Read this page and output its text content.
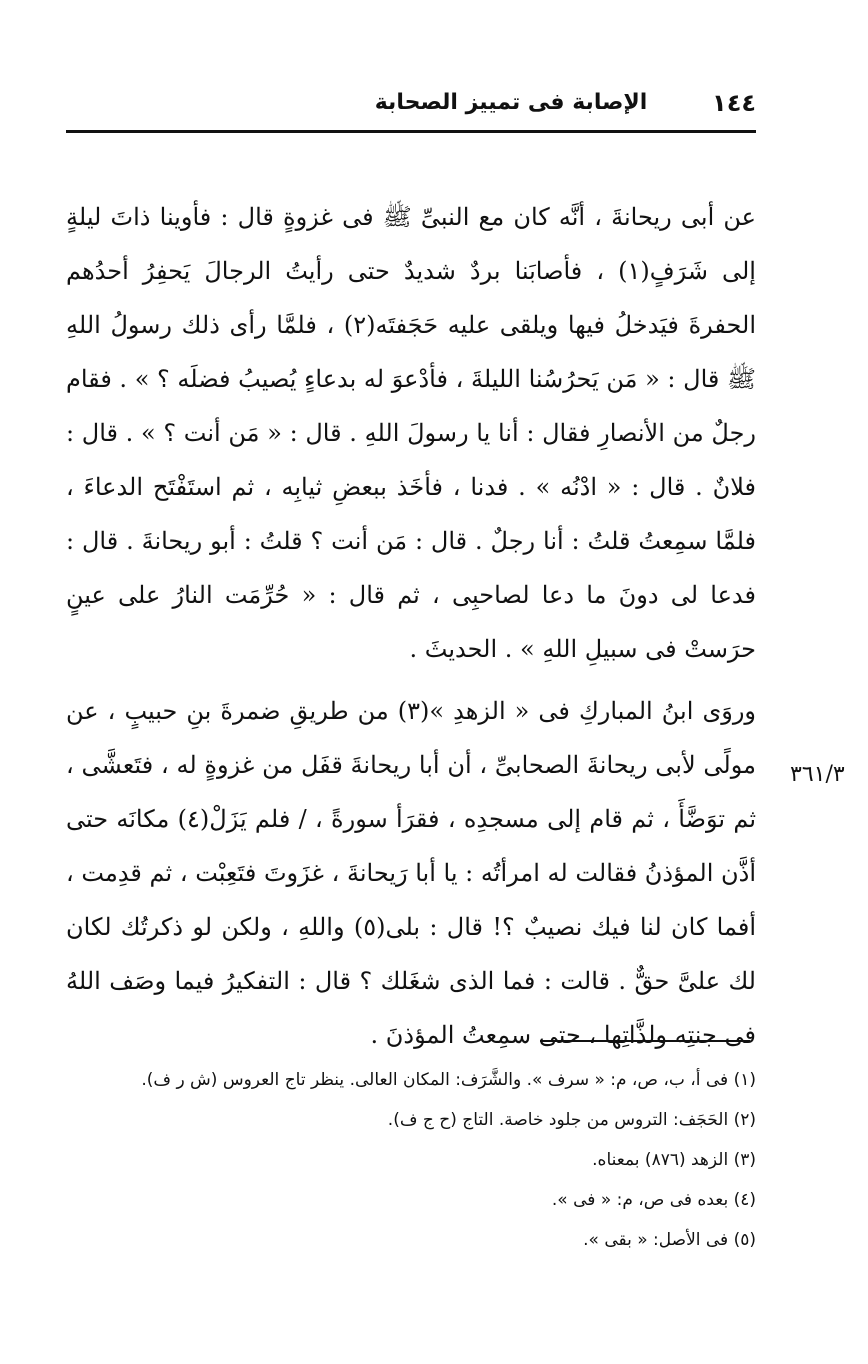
الإصابة فى تمييز الصحابة	١٤٤

عن أبى ريحانةَ ، أنَّه كان مع النبىِّ ﷺ فى غزوةٍ قال : فأوينا ذاتَ ليلةٍ إلى شَرَفٍ(١) ، فأصابَنا بردٌ شديدٌ حتى رأيتُ الرجالَ يَحفِرُ أحدُهم الحفرةَ فيَدخلُ فيها ويلقى عليه حَجَفتَه(٢) ، فلمَّا رأى ذلك رسولُ اللهِ ﷺ قال : « مَن يَحرُسُنا الليلةَ ، فأدْعوَ له بدعاءٍ يُصيبُ فضلَه ؟ » . فقام رجلٌ من الأنصارِ فقال : أنا يا رسولَ اللهِ . قال : « مَن أنت ؟ » . قال : فلانٌ . قال : « ادْنُه » . فدنا ، فأخَذ ببعضِ ثيابِه ، ثم استَفْتَح الدعاءَ ، فلمَّا سمِعتُ قلتُ : أنا رجلٌ . قال : مَن أنت ؟ قلتُ : أبو ريحانةَ . قال : فدعا لى دونَ ما دعا لصاحبِى ، ثم قال : « حُرِّمَت النارُ على عينٍ حرَستْ فى سبيلِ اللهِ » . الحديثَ .

وروَى ابنُ المباركِ فى « الزهدِ »(٣) من طريقِ ضمرةَ بنِ حبيبٍ ، عن مولًى لأبى ريحانةَ الصحابىِّ ، أن أبا ريحانةَ قفَل من غزوةٍ له ، فتَعشَّى ، ثم توَضَّأَ ، ثم قام إلى مسجدِه ، فقرَأ سورةً ، / فلم يَزَلْ(٤) مكانَه حتى أذَّن المؤذنُ فقالت له امرأتُه : يا أبا رَيحانةَ ، غزَوتَ فتَعِبْت ، ثم قدِمت ، أفما كان لنا فيك نصيبٌ ؟! قال : بلى(٥) واللهِ ، ولكن لو ذكرتُك لكان لك علىَّ حقٌّ . قالت : فما الذى شغَلك ؟ قال : التفكيرُ فيما وصَف اللهُ فى جنتِه ولذَّاتِها ، حتى سمِعتُ المؤذنَ .

٣٦١/٣
(١) فى أ، ب، ص، م: « سرف ». والشَّرَف: المكان العالى. ينظر تاج العروس (ش ر ف).
(٢) الحَجَف: التروس من جلود خاصة. التاج (ح ج ف).
(٣) الزهد (٨٧٦) بمعناه.
(٤) بعده فى ص، م: « فى ».
(٥) فى الأصل: « بقى ».
